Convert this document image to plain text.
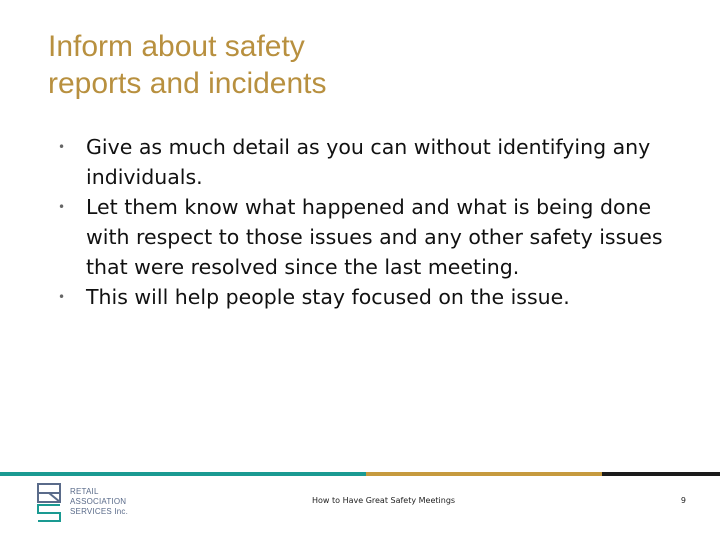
Inform about safety
reports and incidents
• Give as much detail as you can without identifying any individuals.
• Let them know what happened and what is being done with respect to those issues and any other safety issues that were resolved since the last meeting.
• This will help people stay focused on the issue.
RETAIL
ASSOCIATION
SERVICES Inc.
How to Have Great Safety Meetings	9
